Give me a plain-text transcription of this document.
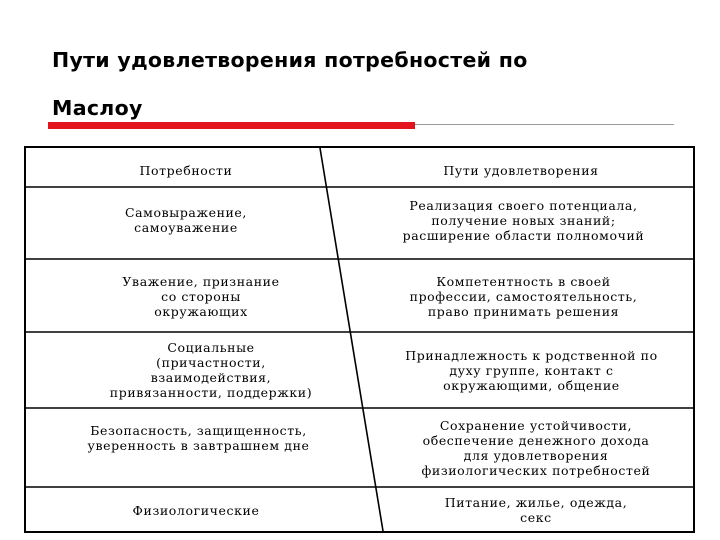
Пути удовлетворения потребностей по
Маслоу
Потребности	Пути удовлетворения
Самовыражение,
самоуважение
Реализация своего потенциала,
получение новых знаний;
расширение области полномочий
Уважение, признание
со стороны
окружающих
Компетентность в своей
профессии, самостоятельность,
право принимать решения
Социальные
(причастности,
взаимодействия,
привязанности, поддержки)
Принадлежность к родственной по
духу группе, контакт с
окружающими, общение
Безопасность, защищенность,
уверенность в завтрашнем дне
Сохранение устойчивости,
обеспечение денежного дохода
для удовлетворения
физиологических потребностей
Физиологические	Питание, жилье, одежда,
секс
